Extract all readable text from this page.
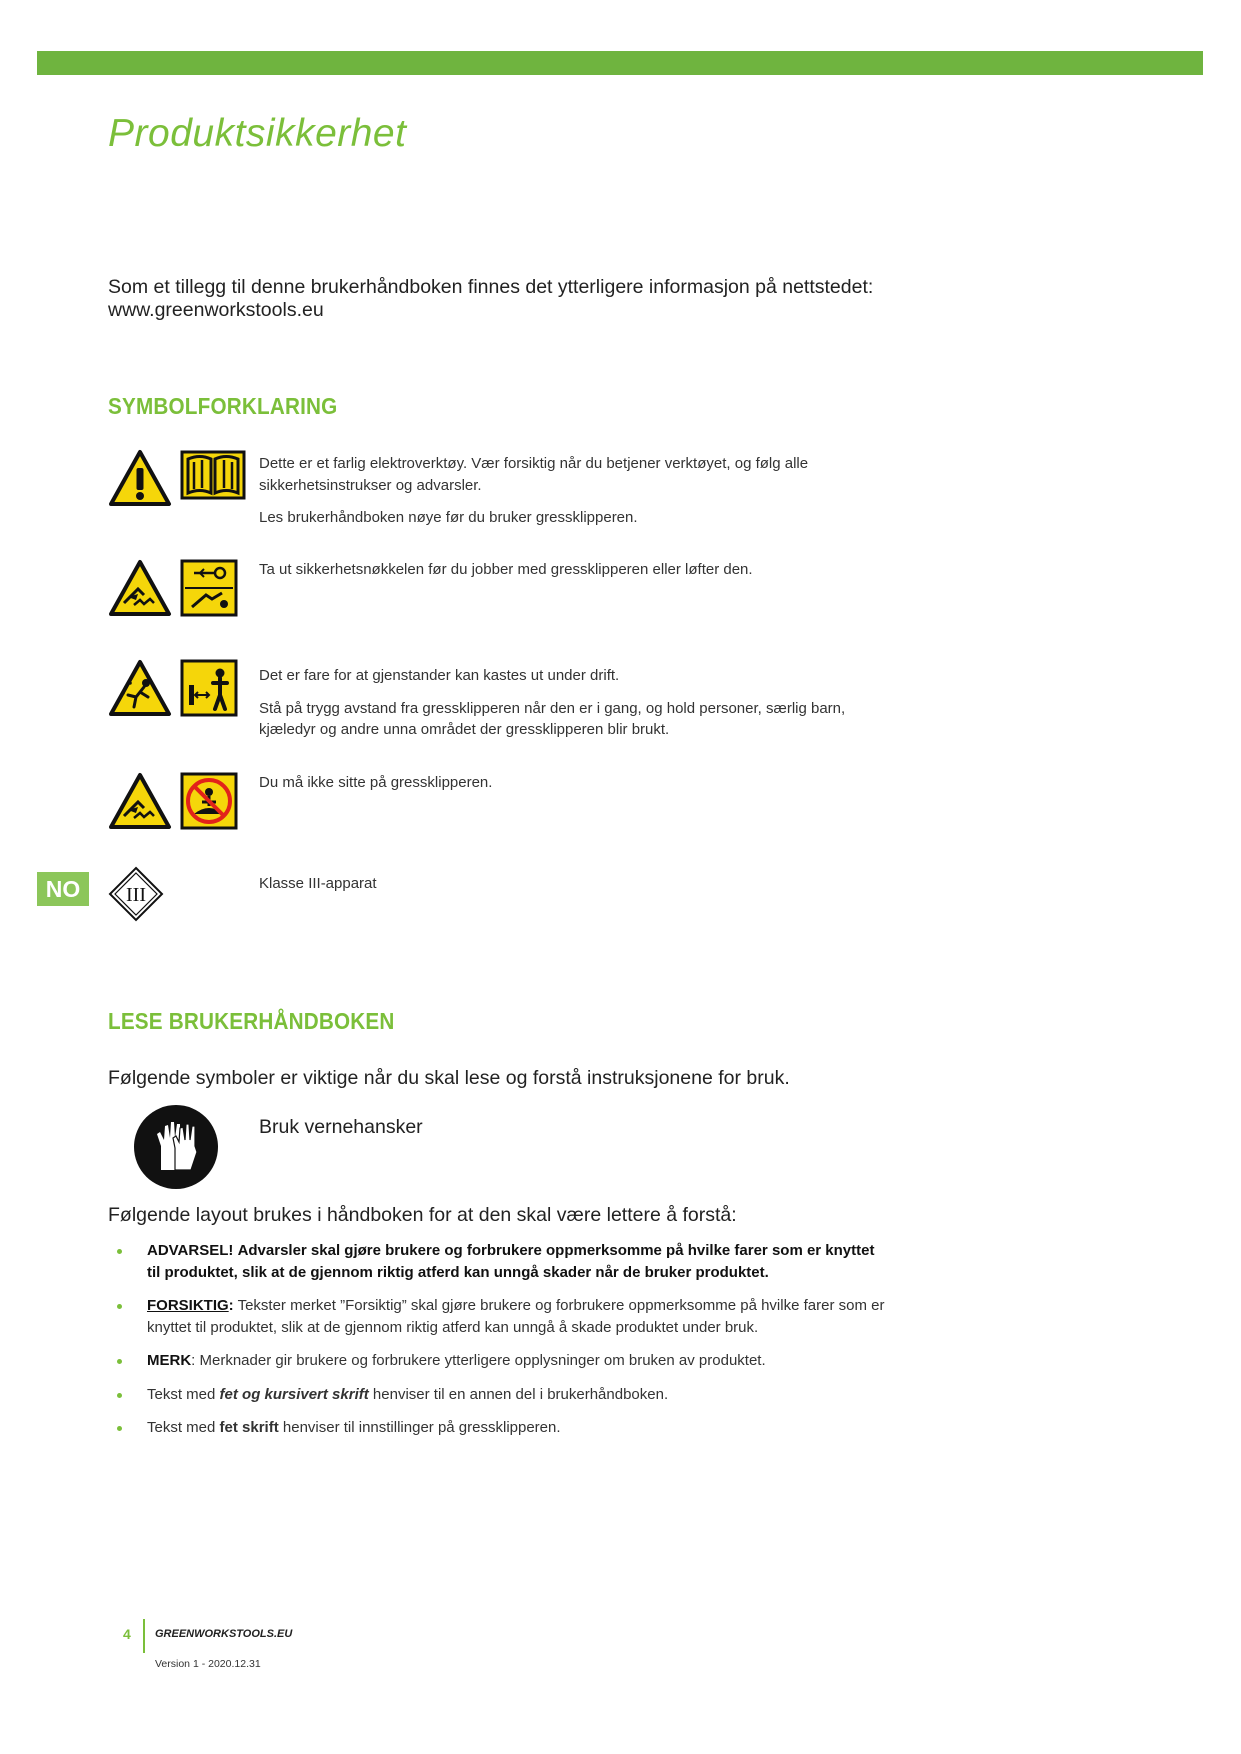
Produktsikkerhet
Som et tillegg til denne brukerhåndboken finnes det ytterligere informasjon på nettstedet:
www.greenworkstools.eu
SYMBOLFORKLARING

Dette er et farlig elektroverktøy. Vær forsiktig når du betjener verktøyet, og følg alle sikkerhetsinstrukser og advarsler.

Les brukerhåndboken nøye før du bruker gressklipperen.

Ta ut sikkerhetsnøkkelen før du jobber med gressklipperen eller løfter den.

Det er fare for at gjenstander kan kastes ut under drift.

Stå på trygg avstand fra gressklipperen når den er i gang, og hold personer, særlig barn, kjæledyr og andre unna området der gressklipperen blir brukt.

Du må ikke sitte på gressklipperen.

NO	III

Klasse III-apparat

LESE BRUKERHÅNDBOKEN
Følgende symboler er viktige når du skal lese og forstå instruksjonene for bruk.
Bruk vernehansker
Følgende layout brukes i håndboken for at den skal være lettere å forstå:
ADVARSEL! Advarsler skal gjøre brukere og forbrukere oppmerksomme på hvilke farer som er knyttet til produktet, slik at de gjennom riktig atferd kan unngå skader når de bruker produktet.
FORSIKTIG: Tekster merket ”Forsiktig” skal gjøre brukere og forbrukere oppmerksomme på hvilke farer som er knyttet til produktet, slik at de gjennom riktig atferd kan unngå å skade produktet under bruk.
MERK: Merknader gir brukere og forbrukere ytterligere opplysninger om bruken av produktet.
Tekst med fet og kursivert skrift henviser til en annen del i brukerhåndboken.
Tekst med fet skrift henviser til innstillinger på gressklipperen.
4 GREENWORKSTOOLS.EU
Version 1 - 2020.12.31
